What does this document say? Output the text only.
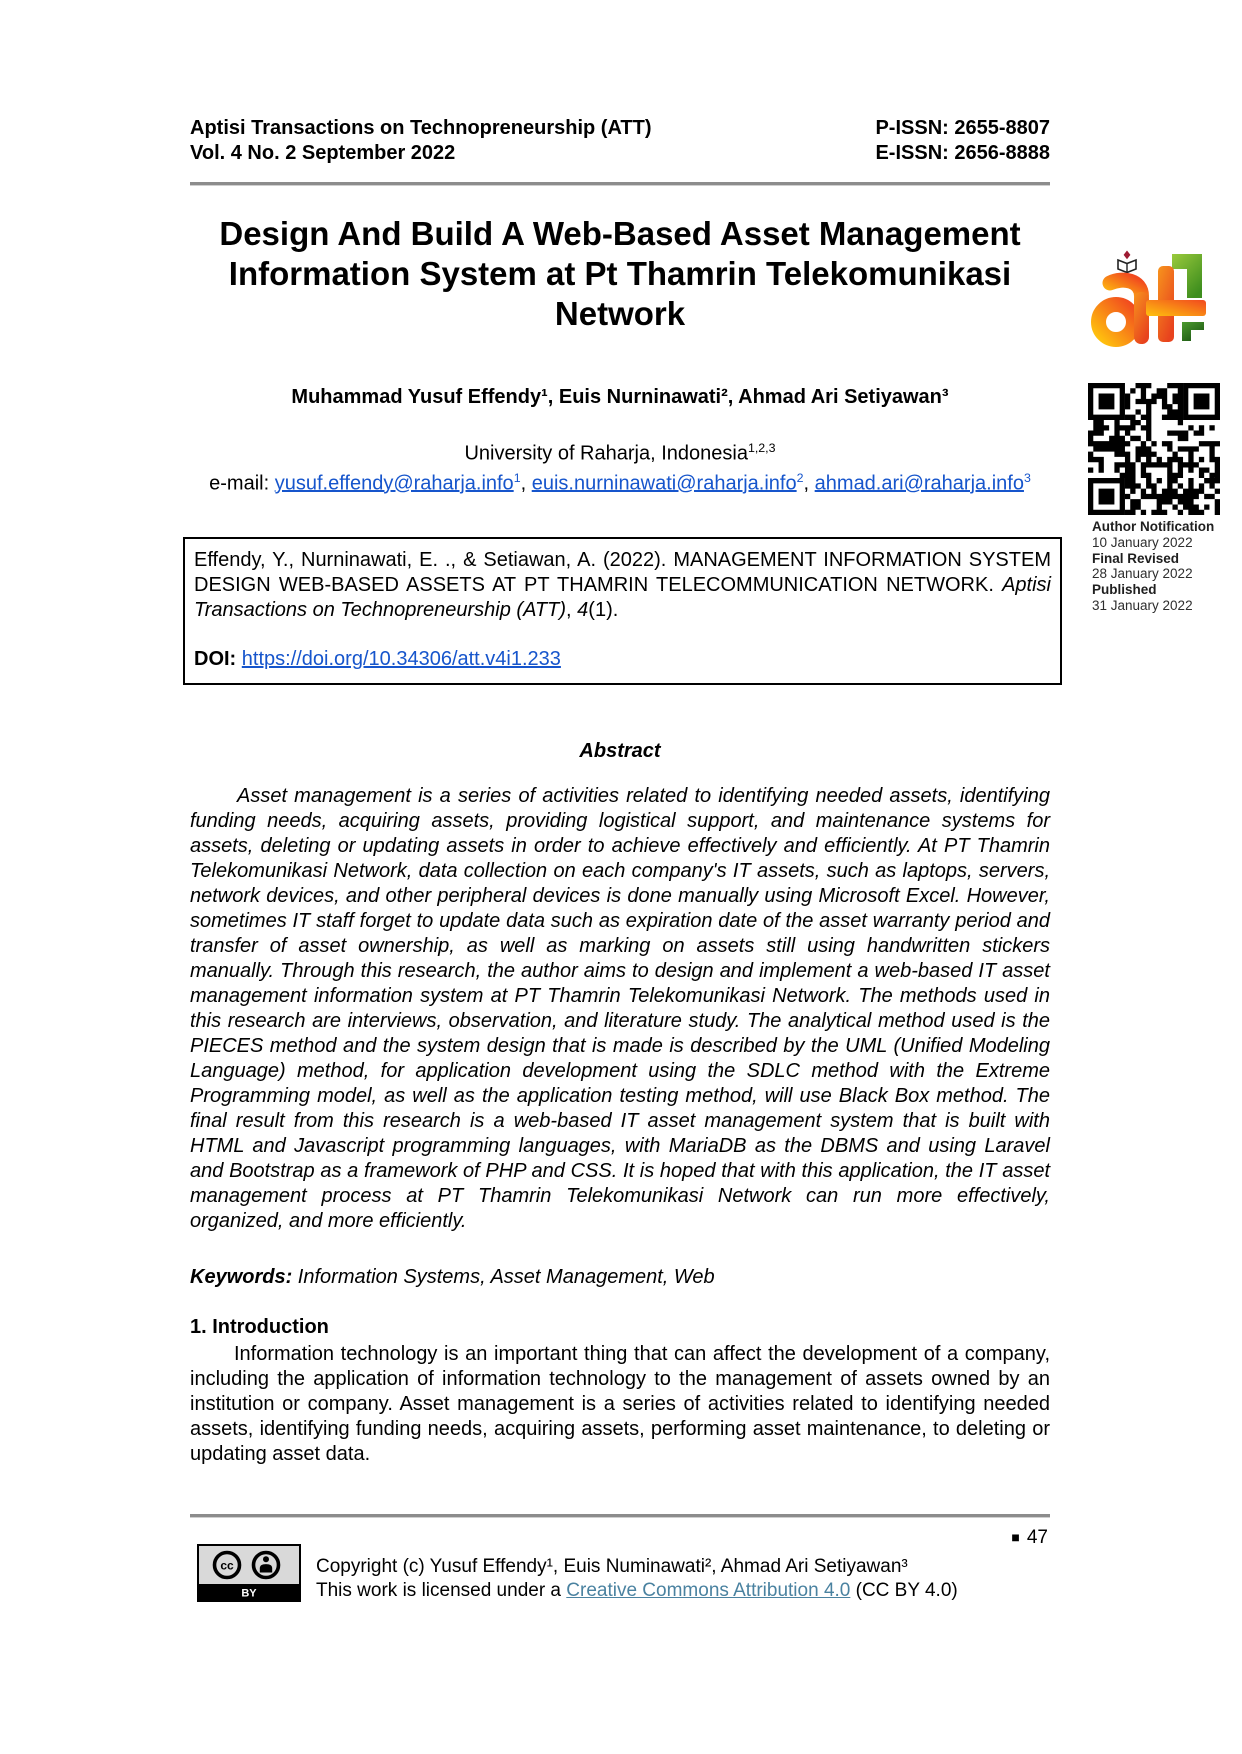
Aptisi Transactions on Technopreneurship (ATT)
Vol. 4 No. 2 September 2022
P-ISSN: 2655-8807
E-ISSN: 2656-8888
Design And Build A Web-Based Asset Management
Information System at Pt Thamrin Telekomunikasi
Network
Muhammad Yusuf Effendy¹, Euis Nurninawati², Ahmad Ari Setiyawan³
University of Raharja, Indonesia$^{1,2,3}$
e-mail: yusuf.effendy@raharja.info$^1$, euis.nurninawati@raharja.info$^2$, ahmad.ari@raharja.info$^3$
Author Notification
10 January 2022
Final Revised
28 January 2022
Published
31 January 2022

Effendy, Y., Nurninawati, E. ., & Setiawan, A. (2022). MANAGEMENT INFORMATION SYSTEM DESIGN WEB-BASED ASSETS AT PT THAMRIN TELECOMMUNICATION NETWORK. Aptisi Transactions on Technopreneurship (ATT), 4(1).

DOI: https://doi.org/10.34306/att.v4i1.233

Abstract

Asset management is a series of activities related to identifying needed assets, identifying funding needs, acquiring assets, providing logistical support, and maintenance systems for assets, deleting or updating assets in order to achieve effectively and efficiently. At PT Thamrin Telekomunikasi Network, data collection on each company's IT assets, such as laptops, servers, network devices, and other peripheral devices is done manually using Microsoft Excel. However, sometimes IT staff forget to update data such as expiration date of the asset warranty period and transfer of asset ownership, as well as marking on assets still using handwritten stickers manually. Through this research, the author aims to design and implement a web-based IT asset management information system at PT Thamrin Telekomunikasi Network. The methods used in this research are interviews, observation, and literature study. The analytical method used is the PIECES method and the system design that is made is described by the UML (Unified Modeling Language) method, for application development using the SDLC method with the Extreme Programming model, as well as the application testing method, will use Black Box method. The final result from this research is a web-based IT asset management system that is built with HTML and Javascript programming languages, with MariaDB as the DBMS and using Laravel and Bootstrap as a framework of PHP and CSS. It is hoped that with this application, the IT asset management process at PT Thamrin Telekomunikasi Network can run more effectively, organized, and more efficiently.

Keywords: Information Systems, Asset Management, Web
1. Introduction

Information technology is an important thing that can affect the development of a company, including the application of information technology to the management of assets owned by an institution or company. Asset management is a series of activities related to identifying needed assets, identifying funding needs, acquiring assets, performing asset maintenance, to deleting or updating asset data.

■ 47
BY
cc	Copyright (c) Yusuf Effendy¹, Euis Numinawati², Ahmad Ari Setiyawan³
This work is licensed under a Creative Commons Attribution 4.0 (CC BY 4.0)
